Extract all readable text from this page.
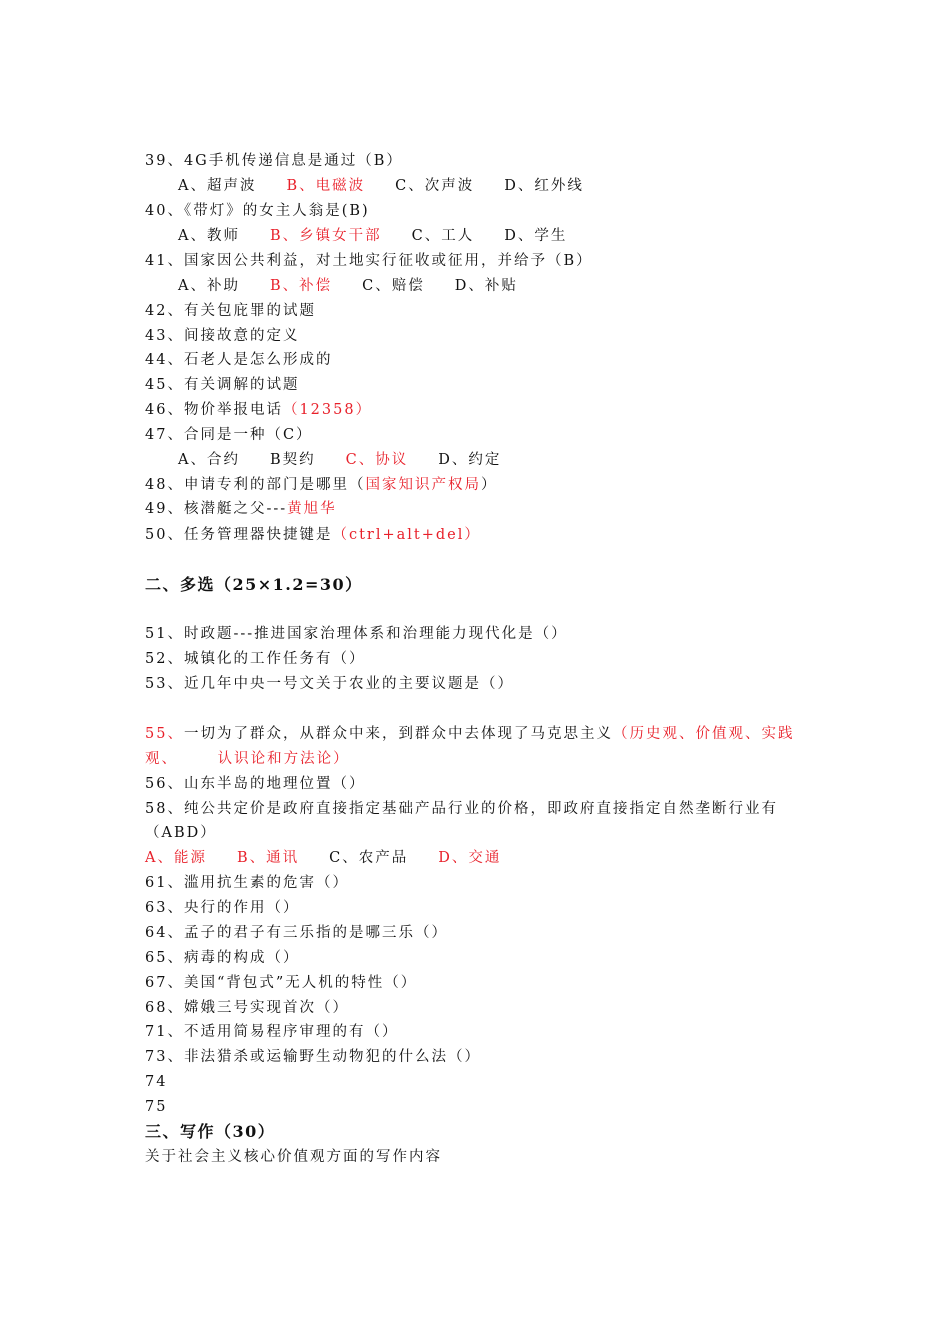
39、4G手机传递信息是通过（B）
A、超声波 B、电磁波 C、次声波 D、红外线
40、《带灯》的女主人翁是(B)
A、教师 B、乡镇女干部 C、工人 D、学生
41、国家因公共利益，对土地实行征收或征用，并给予（B）
A、补助 B、补偿 C、赔偿 D、补贴
42、有关包庇罪的试题
43、间接故意的定义
44、石老人是怎么形成的
45、有关调解的试题
46、物价举报电话（12358）
47、合同是一种（C）
A、合约 B契约 C、协议 D、约定
48、申请专利的部门是哪里（国家知识产权局）
49、核潜艇之父---黄旭华
50、任务管理器快捷键是（ctrl+alt+del）
二、多选（25×1.2=30）
51、时政题---推进国家治理体系和治理能力现代化是（）
52、城镇化的工作任务有（）
53、近几年中央一号文关于农业的主要议题是（）
55、一切为了群众，从群众中来，到群众中去体现了马克思主义（历史观、价值观、实践
观、      认识论和方法论）
56、山东半岛的地理位置（）
58、纯公共定价是政府直接指定基础产品行业的价格，即政府直接指定自然垄断行业有
（ABD）
A、能源 B、通讯 C、农产品 D、交通
61、滥用抗生素的危害（）
63、央行的作用（）
64、孟子的君子有三乐指的是哪三乐（）
65、病毒的构成（）
67、美国“背包式”无人机的特性（）
68、嫦娥三号实现首次（）
71、不适用简易程序审理的有（）
73、非法猎杀或运输野生动物犯的什么法（）
74
75
三、写作（30）
关于社会主义核心价值观方面的写作内容
